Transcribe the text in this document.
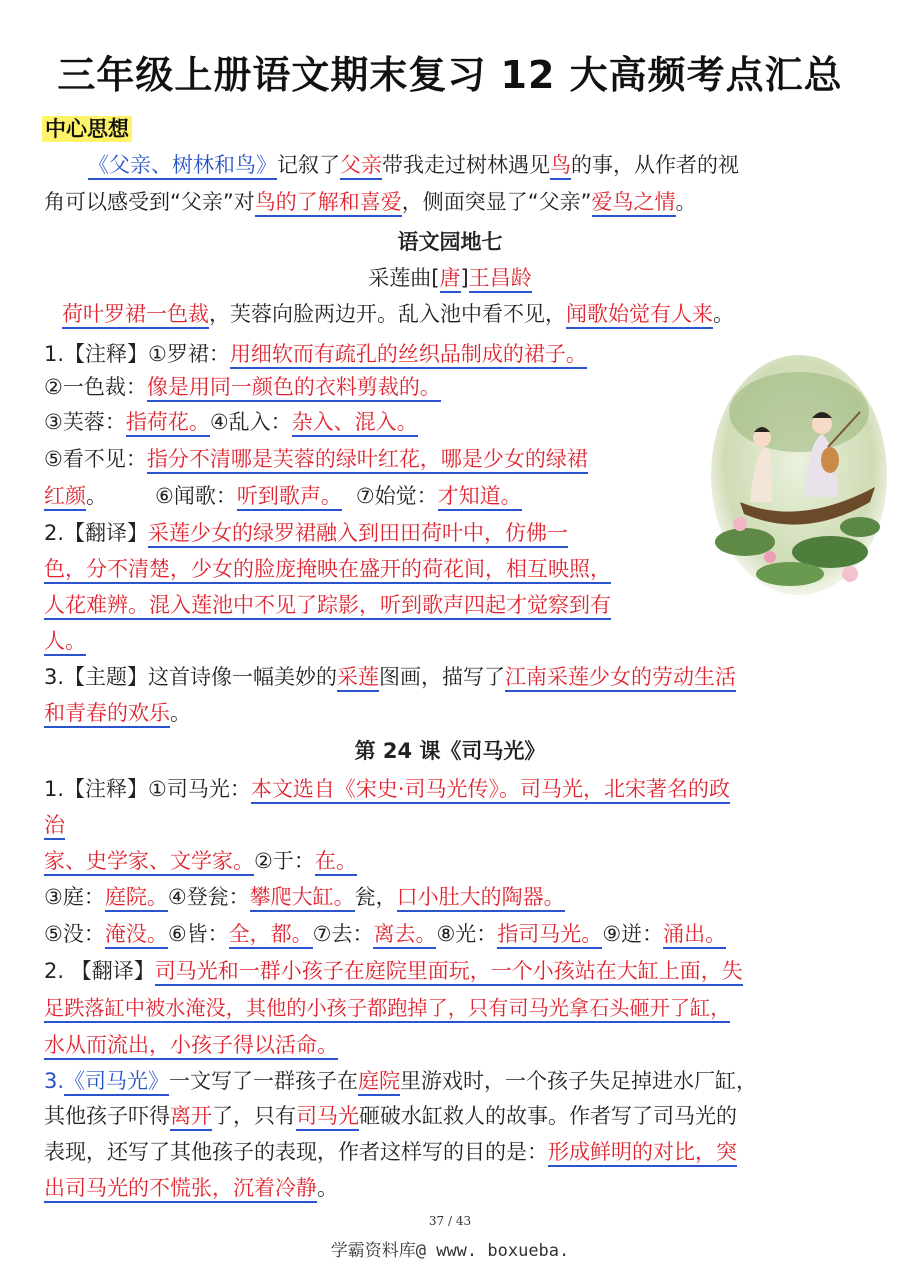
三年级上册语文期末复习 12 大高频考点汇总
中心思想
《父亲、树林和鸟》记叙了父亲带我走过树林遇见鸟的事，从作者的视
角可以感受到“父亲”对鸟的了解和喜爱，侧面突显了“父亲”爱鸟之情。
语文园地七
采莲曲[唐]王昌龄
荷叶罗裙一色裁，芙蓉向脸两边开。乱入池中看不见，闻歌始觉有人来。
1.【注释】①罗裙：用细软而有疏孔的丝织品制成的裙子。
②一色裁：像是用同一颜色的衣料剪裁的。
③芙蓉：指荷花。④乱入：杂入、混入。
⑤看不见：指分不清哪是芙蓉的绿叶红花，哪是少女的绿裙
红颜。 ⑥闻歌：听到歌声。 ⑦始觉：才知道。
2.【翻译】采莲少女的绿罗裙融入到田田荷叶中，仿佛一
色，分不清楚，少女的脸庞掩映在盛开的荷花间，相互映照，
人花难辨。混入莲池中不见了踪影，听到歌声四起才觉察到有
人。
3.【主题】这首诗像一幅美妙的采莲图画，描写了江南采莲少女的劳动生活
和青春的欢乐。
第 24 课《司马光》
1.【注释】①司马光：本文选自《宋史·司马光传》。司马光，北宋著名的政
治
家、史学家、文学家。②于：在。
③庭：庭院。④登瓮：攀爬大缸。瓮，口小肚大的陶器。
⑤没：淹没。⑥皆：全，都。⑦去：离去。⑧光：指司马光。⑨迸：涌出。
2. 【翻译】司马光和一群小孩子在庭院里面玩，一个小孩站在大缸上面，失
足跌落缸中被水淹没，其他的小孩子都跑掉了，只有司马光拿石头砸开了缸，
水从而流出，小孩子得以活命。
3.《司马光》一文写了一群孩子在庭院里游戏时，一个孩子失足掉进水厂缸，
其他孩子吓得离开了，只有司马光砸破水缸救人的故事。作者写了司马光的
表现，还写了其他孩子的表现，作者这样写的目的是：形成鲜明的对比，突
出司马光的不慌张，沉着冷静。
37 / 43
学霸资料库@ www. boxueba.
